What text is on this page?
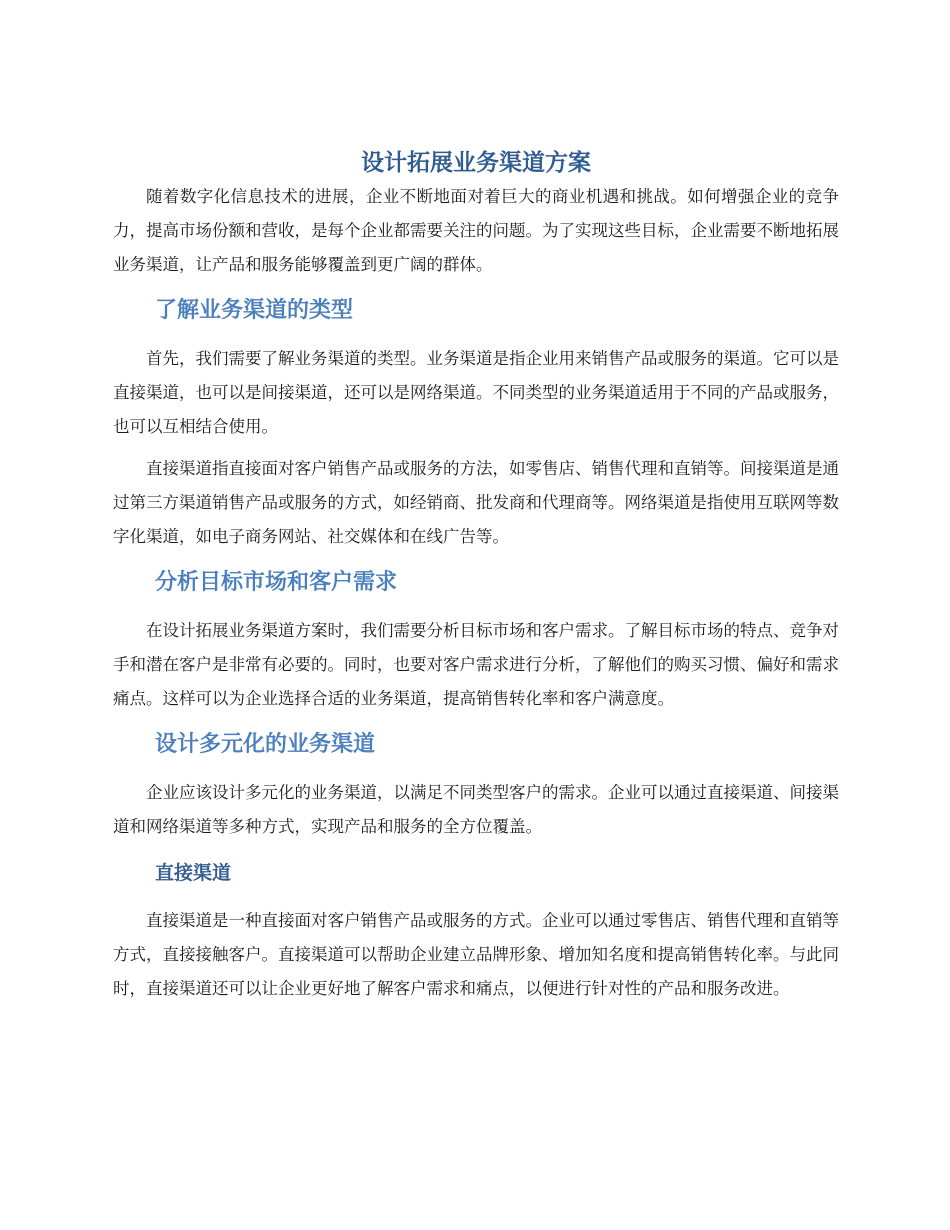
设计拓展业务渠道方案

随着数字化信息技术的进展，企业不断地面对着巨大的商业机遇和挑战。如何增强企业的竞争力，提高市场份额和营收，是每个企业都需要关注的问题。为了实现这些目标，企业需要不断地拓展业务渠道，让产品和服务能够覆盖到更广阔的群体。

了解业务渠道的类型

首先，我们需要了解业务渠道的类型。业务渠道是指企业用来销售产品或服务的渠道。它可以是直接渠道，也可以是间接渠道，还可以是网络渠道。不同类型的业务渠道适用于不同的产品或服务，也可以互相结合使用。

直接渠道指直接面对客户销售产品或服务的方法，如零售店、销售代理和直销等。间接渠道是通过第三方渠道销售产品或服务的方式，如经销商、批发商和代理商等。网络渠道是指使用互联网等数字化渠道，如电子商务网站、社交媒体和在线广告等。

分析目标市场和客户需求

在设计拓展业务渠道方案时，我们需要分析目标市场和客户需求。了解目标市场的特点、竞争对手和潜在客户是非常有必要的。同时，也要对客户需求进行分析，了解他们的购买习惯、偏好和需求痛点。这样可以为企业选择合适的业务渠道，提高销售转化率和客户满意度。

设计多元化的业务渠道

企业应该设计多元化的业务渠道，以满足不同类型客户的需求。企业可以通过直接渠道、间接渠道和网络渠道等多种方式，实现产品和服务的全方位覆盖。

直接渠道

直接渠道是一种直接面对客户销售产品或服务的方式。企业可以通过零售店、销售代理和直销等方式，直接接触客户。直接渠道可以帮助企业建立品牌形象、增加知名度和提高销售转化率。与此同时，直接渠道还可以让企业更好地了解客户需求和痛点，以便进行针对性的产品和服务改进。
